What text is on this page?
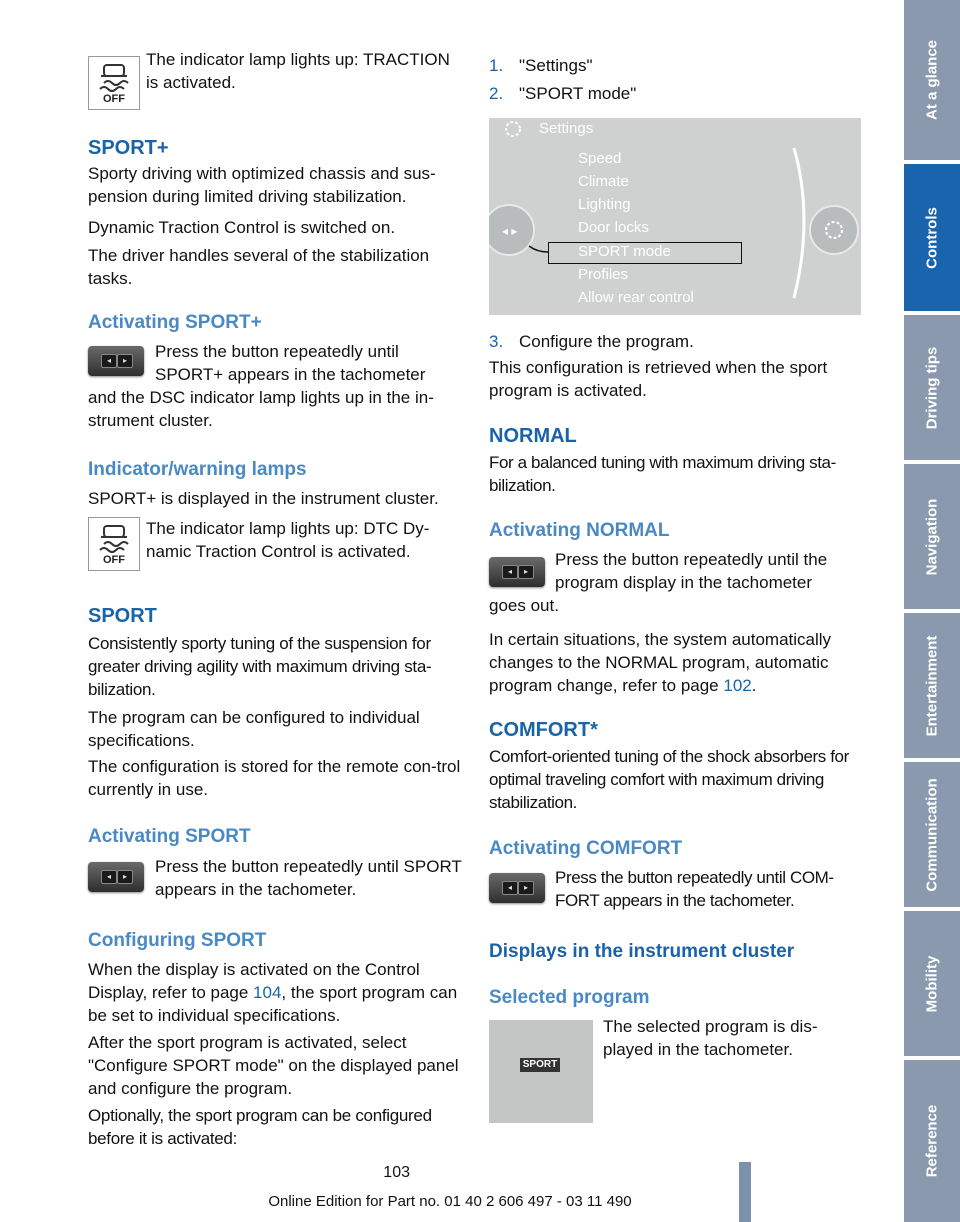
OFF

The indicator lamp lights up: TRACTION is activated.

SPORT+

Sporty driving with optimized chassis and sus-pension during limited driving stabilization.

Dynamic Traction Control is switched on.

The driver handles several of the stabilization tasks.

Activating SPORT+
◂	▸	Press the button repeatedly until SPORT+ appears in the tachometer

and the DSC indicator lamp lights up in the in-strument cluster.

Indicator/warning lamps

SPORT+ is displayed in the instrument cluster.

OFF

The indicator lamp lights up: DTC Dy-namic Traction Control is activated.

SPORT

Consistently sporty tuning of the suspension for greater driving agility with maximum driving sta-bilization.

The program can be configured to individual specifications.

The configuration is stored for the remote con-trol currently in use.

Activating SPORT
◂	▸

Press the button repeatedly until SPORT appears in the tachometer.

Configuring SPORT

When the display is activated on the Control Display, refer to page 104, the sport program can be set to individual specifications.

After the sport program is activated, select "Configure SPORT mode" on the displayed panel and configure the program.

Optionally, the sport program can be configured before it is activated:

1. "Settings"

2. "SPORT mode"

◂ ▸
Settings
Speed
Climate
Lighting
Door locks
SPORT mode
Profiles
Allow rear control

3. Configure the program.

This configuration is retrieved when the sport program is activated.

NORMAL

For a balanced tuning with maximum driving sta-bilization.

Activating NORMAL
◂	▸

Press the button repeatedly until the program display in the tachometer

goes out.

In certain situations, the system automatically changes to the NORMAL program, automatic program change, refer to page 102.

COMFORT*

Comfort-oriented tuning of the shock absorbers for optimal traveling comfort with maximum driving stabilization.

Activating COMFORT
◂	▸

Press the button repeatedly until COM-FORT appears in the tachometer.

Displays in the instrument cluster
Selected program
SPORT

The selected program is dis-played in the tachometer.

103
Online Edition for Part no. 01 40 2 606 497 - 03 11 490
At a glance
Controls
Driving tips
Navigation
Entertainment
Communication
Mobility
Reference
